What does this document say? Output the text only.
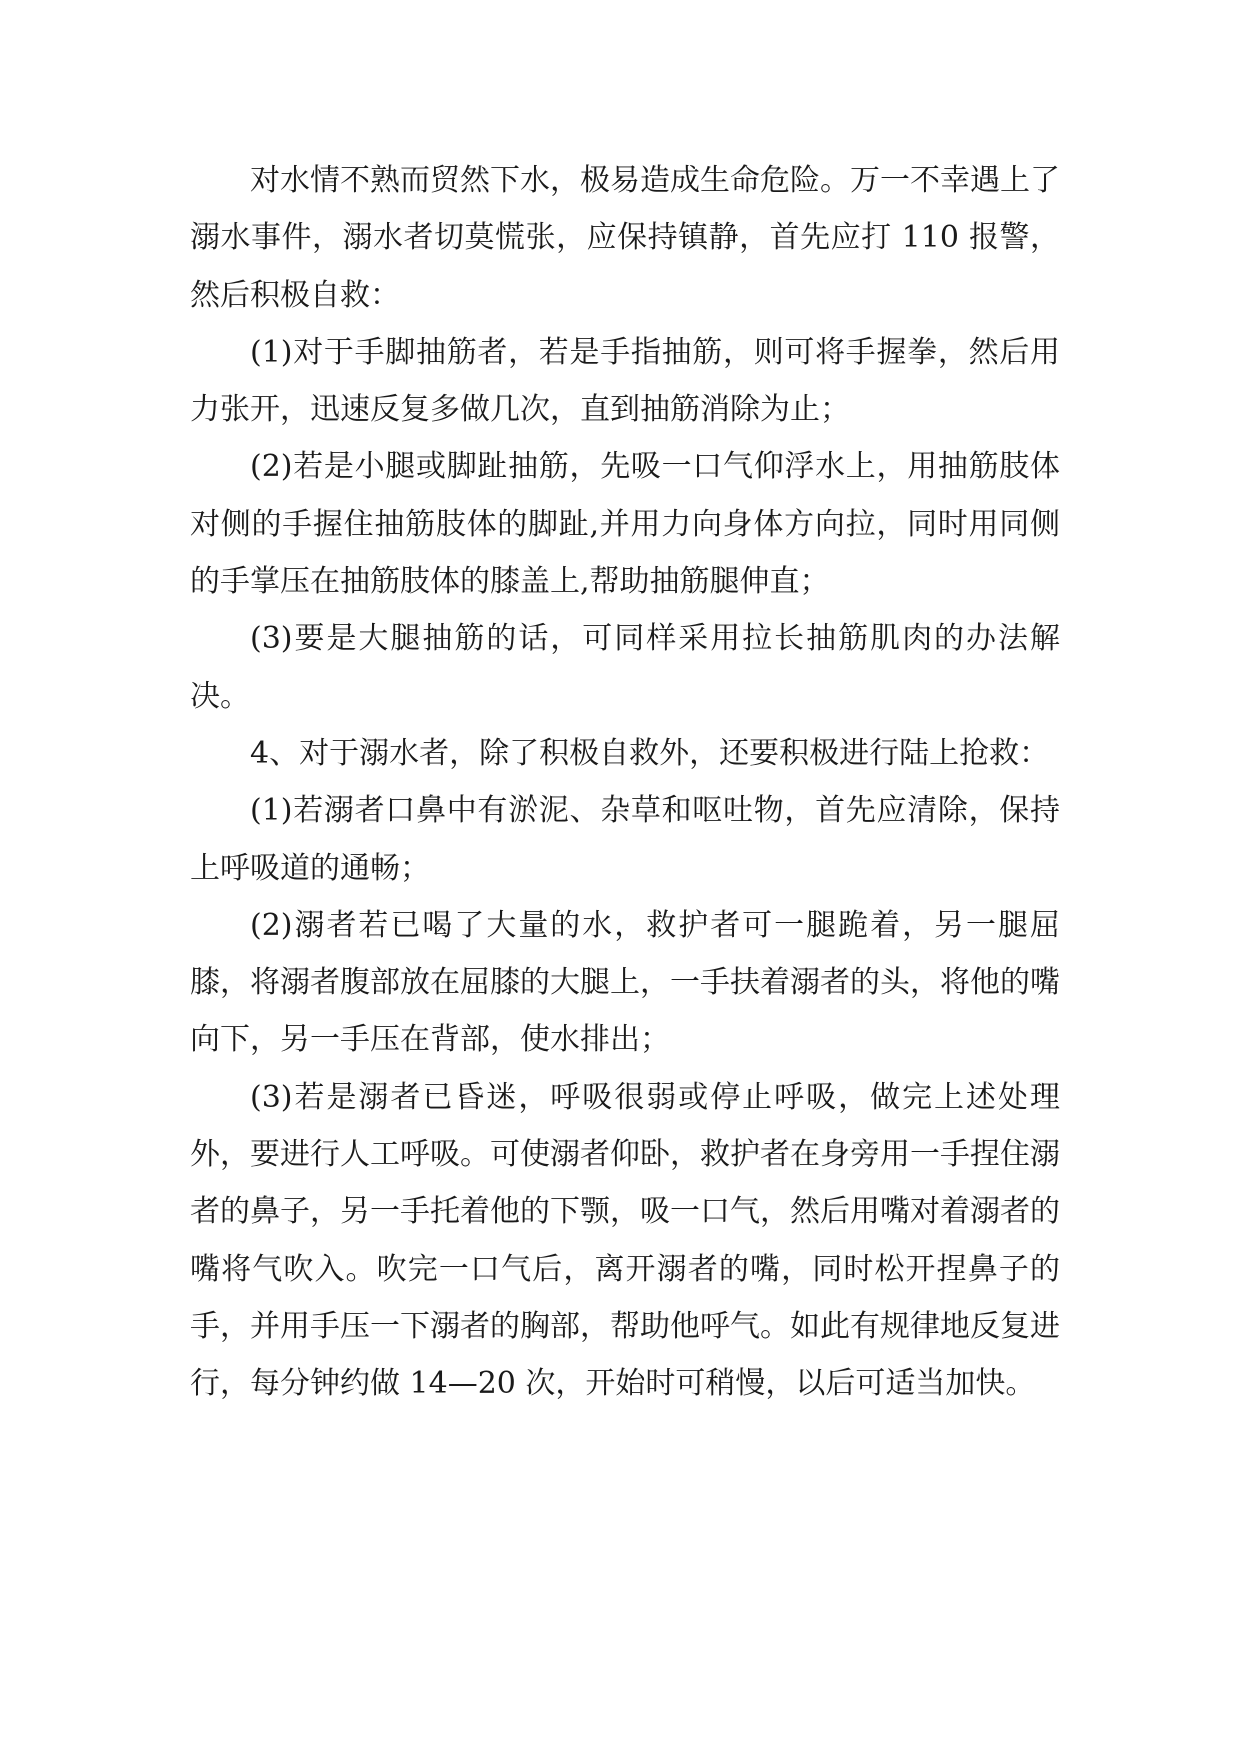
对水情不熟而贸然下水，极易造成生命危险。万一不幸遇上了溺水事件，溺水者切莫慌张，应保持镇静，首先应打 110 报警，然后积极自救：

(1)对于手脚抽筋者，若是手指抽筋，则可将手握拳，然后用力张开，迅速反复多做几次，直到抽筋消除为止；

(2)若是小腿或脚趾抽筋，先吸一口气仰浮水上，用抽筋肢体对侧的手握住抽筋肢体的脚趾,并用力向身体方向拉，同时用同侧的手掌压在抽筋肢体的膝盖上,帮助抽筋腿伸直；

(3)要是大腿抽筋的话，可同样采用拉长抽筋肌肉的办法解决。

4、对于溺水者，除了积极自救外，还要积极进行陆上抢救：

(1)若溺者口鼻中有淤泥、杂草和呕吐物，首先应清除，保持上呼吸道的通畅；

(2)溺者若已喝了大量的水，救护者可一腿跪着，另一腿屈膝，将溺者腹部放在屈膝的大腿上，一手扶着溺者的头，将他的嘴向下，另一手压在背部，使水排出；

(3)若是溺者已昏迷，呼吸很弱或停止呼吸，做完上述处理外，要进行人工呼吸。可使溺者仰卧，救护者在身旁用一手捏住溺者的鼻子，另一手托着他的下颚，吸一口气，然后用嘴对着溺者的嘴将气吹入。吹完一口气后，离开溺者的嘴，同时松开捏鼻子的手，并用手压一下溺者的胸部，帮助他呼气。如此有规律地反复进行，每分钟约做 14—20 次，开始时可稍慢，以后可适当加快。
